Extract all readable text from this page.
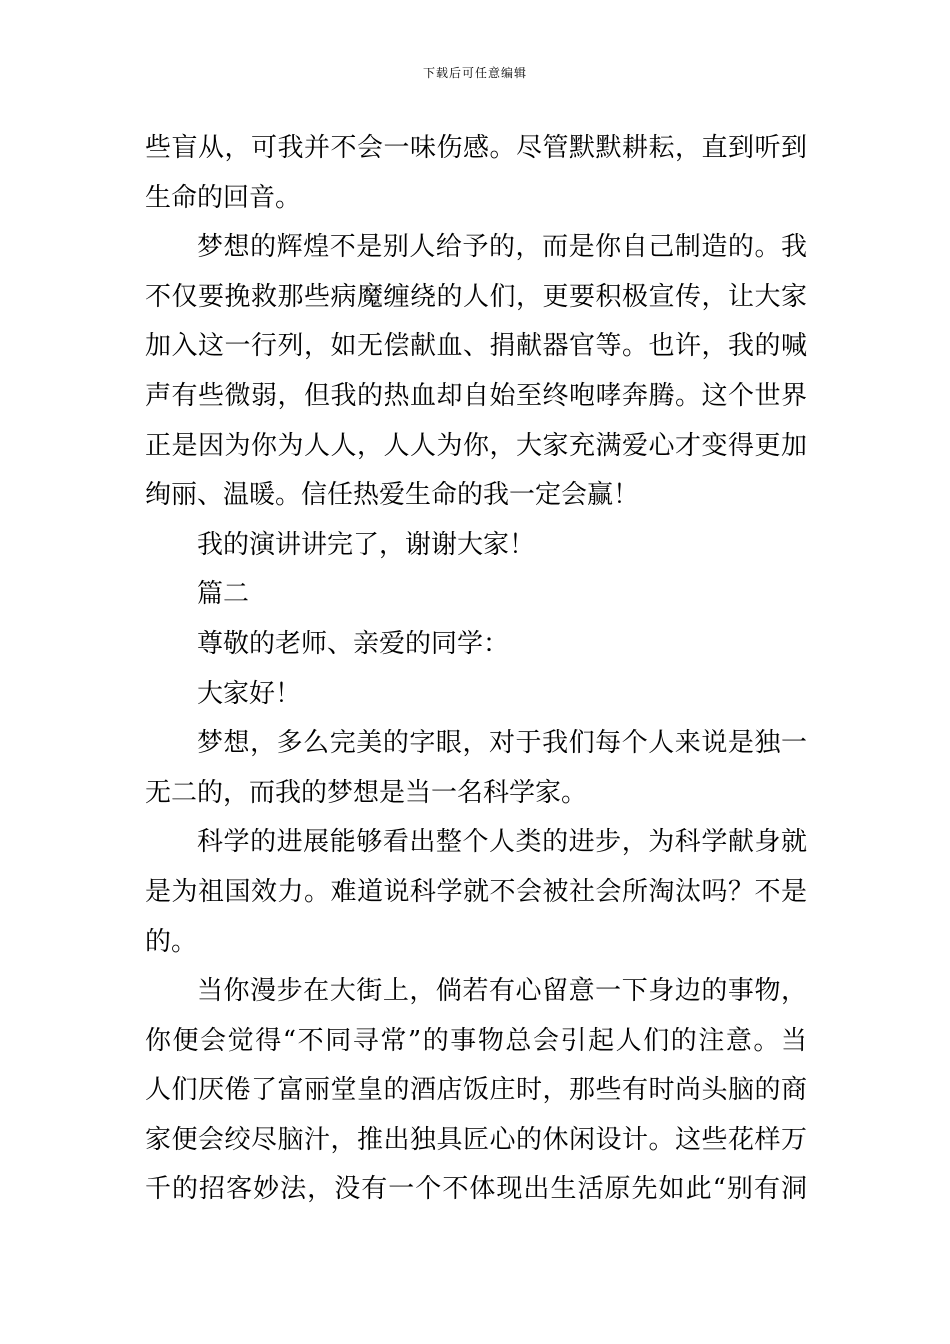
下载后可任意编辑
些盲从，可我并不会一味伤感。尽管默默耕耘，直到听到
生命的回音。
梦想的辉煌不是别人给予的，而是你自己制造的。我
不仅要挽救那些病魔缠绕的人们，更要积极宣传，让大家
加入这一行列，如无偿献血、捐献器官等。也许，我的喊
声有些微弱，但我的热血却自始至终咆哮奔腾。这个世界
正是因为你为人人，人人为你，大家充满爱心才变得更加
绚丽、温暖。信任热爱生命的我一定会赢！
我的演讲讲完了，谢谢大家！
篇二
尊敬的老师、亲爱的同学：
大家好！
梦想，多么完美的字眼，对于我们每个人来说是独一
无二的，而我的梦想是当一名科学家。
科学的进展能够看出整个人类的进步，为科学献身就
是为祖国效力。难道说科学就不会被社会所淘汰吗？不是
的。
当你漫步在大街上，倘若有心留意一下身边的事物，
你便会觉得“不同寻常”的事物总会引起人们的注意。当
人们厌倦了富丽堂皇的酒店饭庄时，那些有时尚头脑的商
家便会绞尽脑汁，推出独具匠心的休闲设计。这些花样万
千的招客妙法，没有一个不体现出生活原先如此“别有洞
